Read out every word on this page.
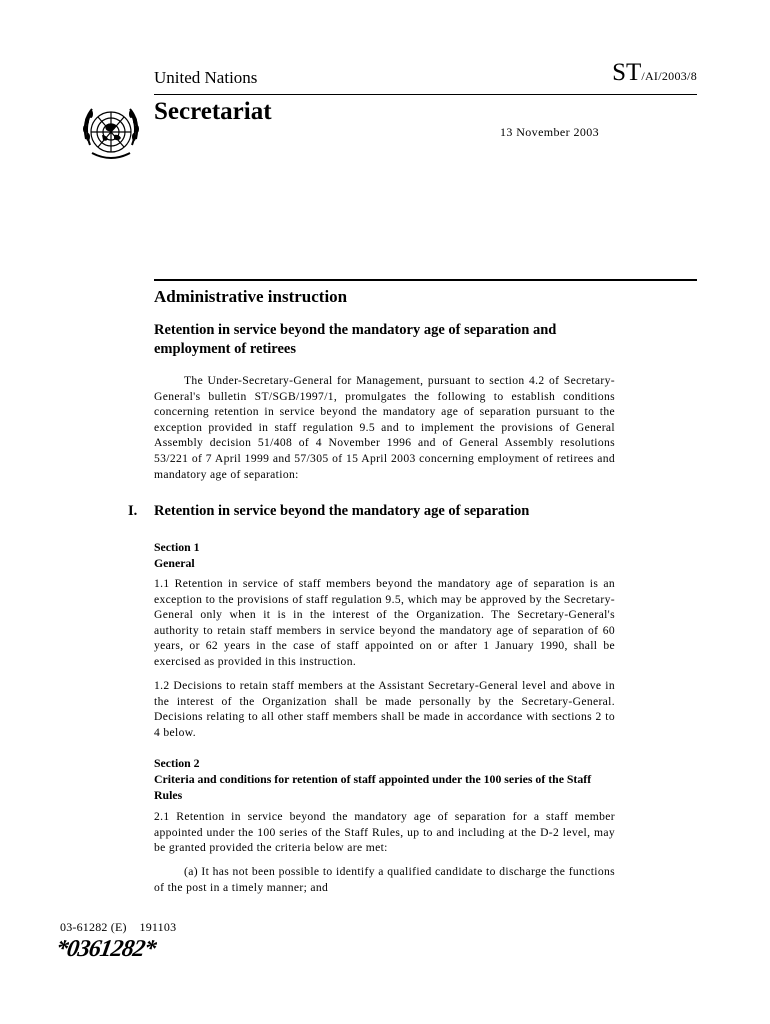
United Nations	ST/AI/2003/8
Secretariat
13 November 2003
Administrative instruction
Retention in service beyond the mandatory age of separation and employment of retirees
The Under-Secretary-General for Management, pursuant to section 4.2 of Secretary-General's bulletin ST/SGB/1997/1, promulgates the following to establish conditions concerning retention in service beyond the mandatory age of separation pursuant to the exception provided in staff regulation 9.5 and to implement the provisions of General Assembly decision 51/408 of 4 November 1996 and of General Assembly resolutions 53/221 of 7 April 1999 and 57/305 of 15 April 2003 concerning employment of retirees and mandatory age of separation:
I. Retention in service beyond the mandatory age of separation
Section 1
General
1.1 Retention in service of staff members beyond the mandatory age of separation is an exception to the provisions of staff regulation 9.5, which may be approved by the Secretary-General only when it is in the interest of the Organization. The Secretary-General's authority to retain staff members in service beyond the mandatory age of separation of 60 years, or 62 years in the case of staff appointed on or after 1 January 1990, shall be exercised as provided in this instruction.
1.2 Decisions to retain staff members at the Assistant Secretary-General level and above in the interest of the Organization shall be made personally by the Secretary-General. Decisions relating to all other staff members shall be made in accordance with sections 2 to 4 below.
Section 2
Criteria and conditions for retention of staff appointed under the 100 series of the Staff Rules
2.1 Retention in service beyond the mandatory age of separation for a staff member appointed under the 100 series of the Staff Rules, up to and including at the D-2 level, may be granted provided the criteria below are met:
(a) It has not been possible to identify a qualified candidate to discharge the functions of the post in a timely manner; and
03-61282 (E)    191103
*0361282*
